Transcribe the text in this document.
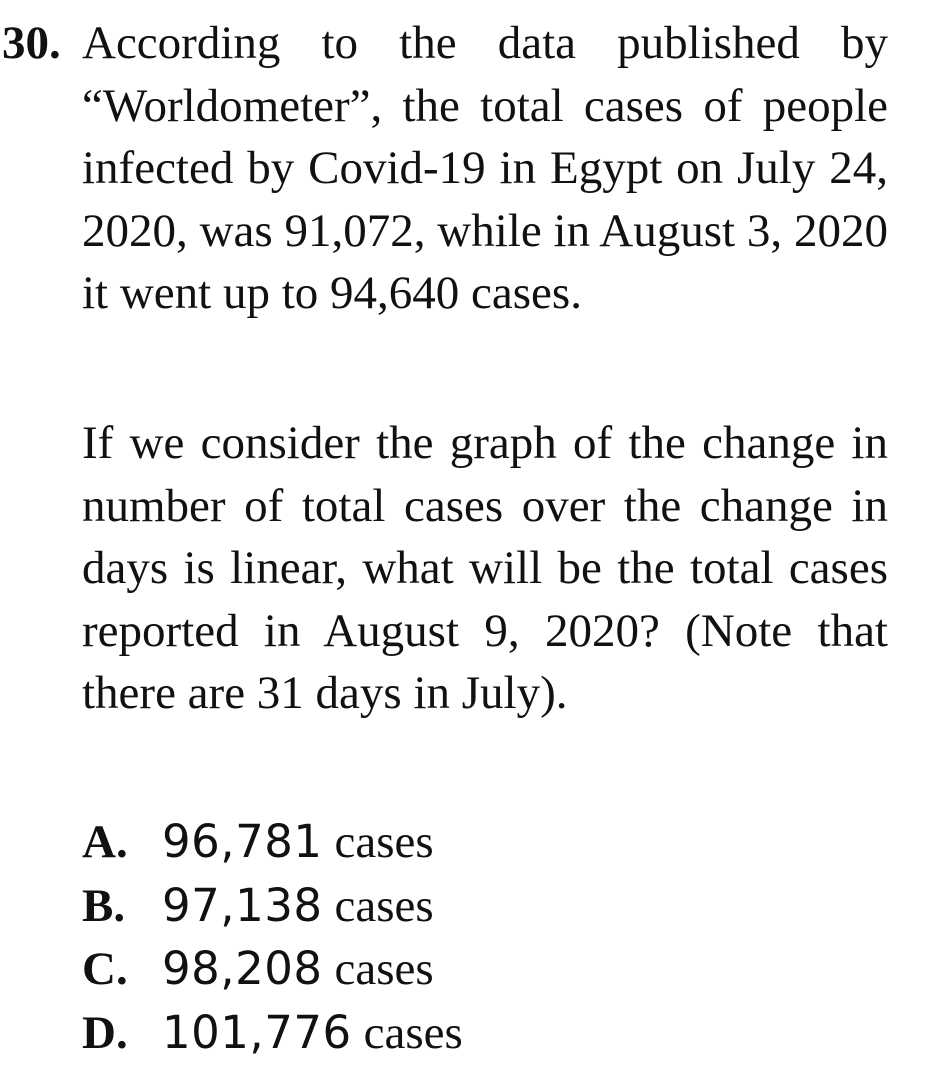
30. According to the data published by “Worldometer”, the total cases of people infected by Covid-19 in Egypt on July 24, 2020, was 91,072, while in August 3, 2020 it went up to 94,640 cases.

If we consider the graph of the change in number of total cases over the change in days is linear, what will be the total cases reported in August 9, 2020? (Note that there are 31 days in July).

A. 96,781 cases
B. 97,138 cases
C. 98,208 cases
D. 101,776 cases
